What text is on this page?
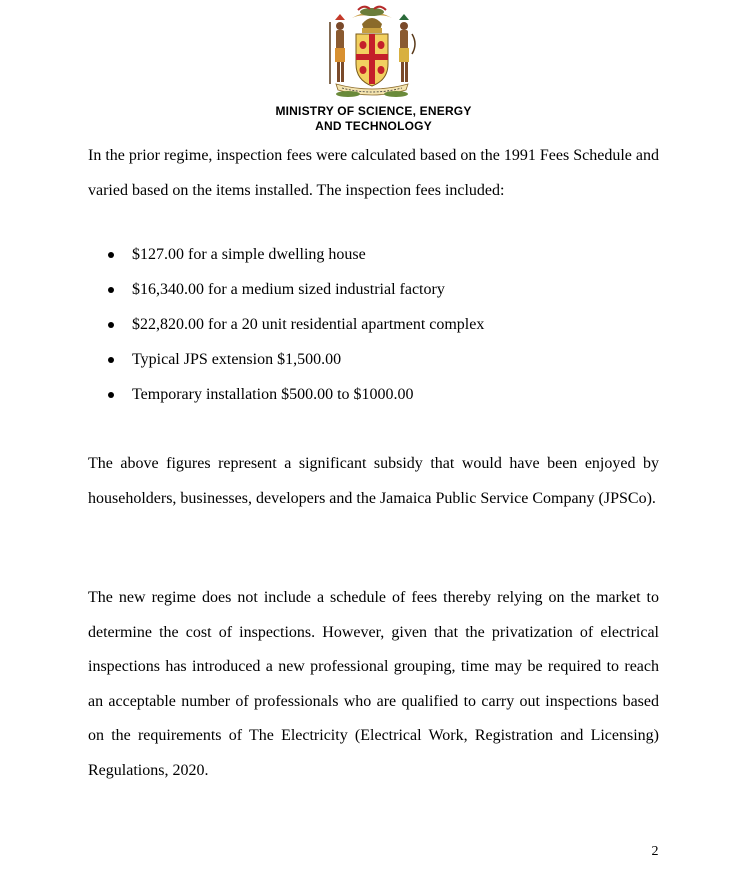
MINISTRY OF SCIENCE, ENERGY
AND TECHNOLOGY

In the prior regime, inspection fees were calculated based on the 1991 Fees Schedule and varied based on the items installed. The inspection fees included:

$127.00 for a simple dwelling house
$16,340.00 for a medium sized industrial factory
$22,820.00 for a 20 unit residential apartment complex
Typical JPS extension $1,500.00
Temporary installation $500.00 to $1000.00

The above figures represent a significant subsidy that would have been enjoyed by householders, businesses, developers and the Jamaica Public Service Company (JPSCo).

The new regime does not include a schedule of fees thereby relying on the market to determine the cost of inspections. However, given that the privatization of electrical inspections has introduced a new professional grouping, time may be required to reach an acceptable number of professionals who are qualified to carry out inspections based on the requirements of The Electricity (Electrical Work, Registration and Licensing) Regulations, 2020.

2
